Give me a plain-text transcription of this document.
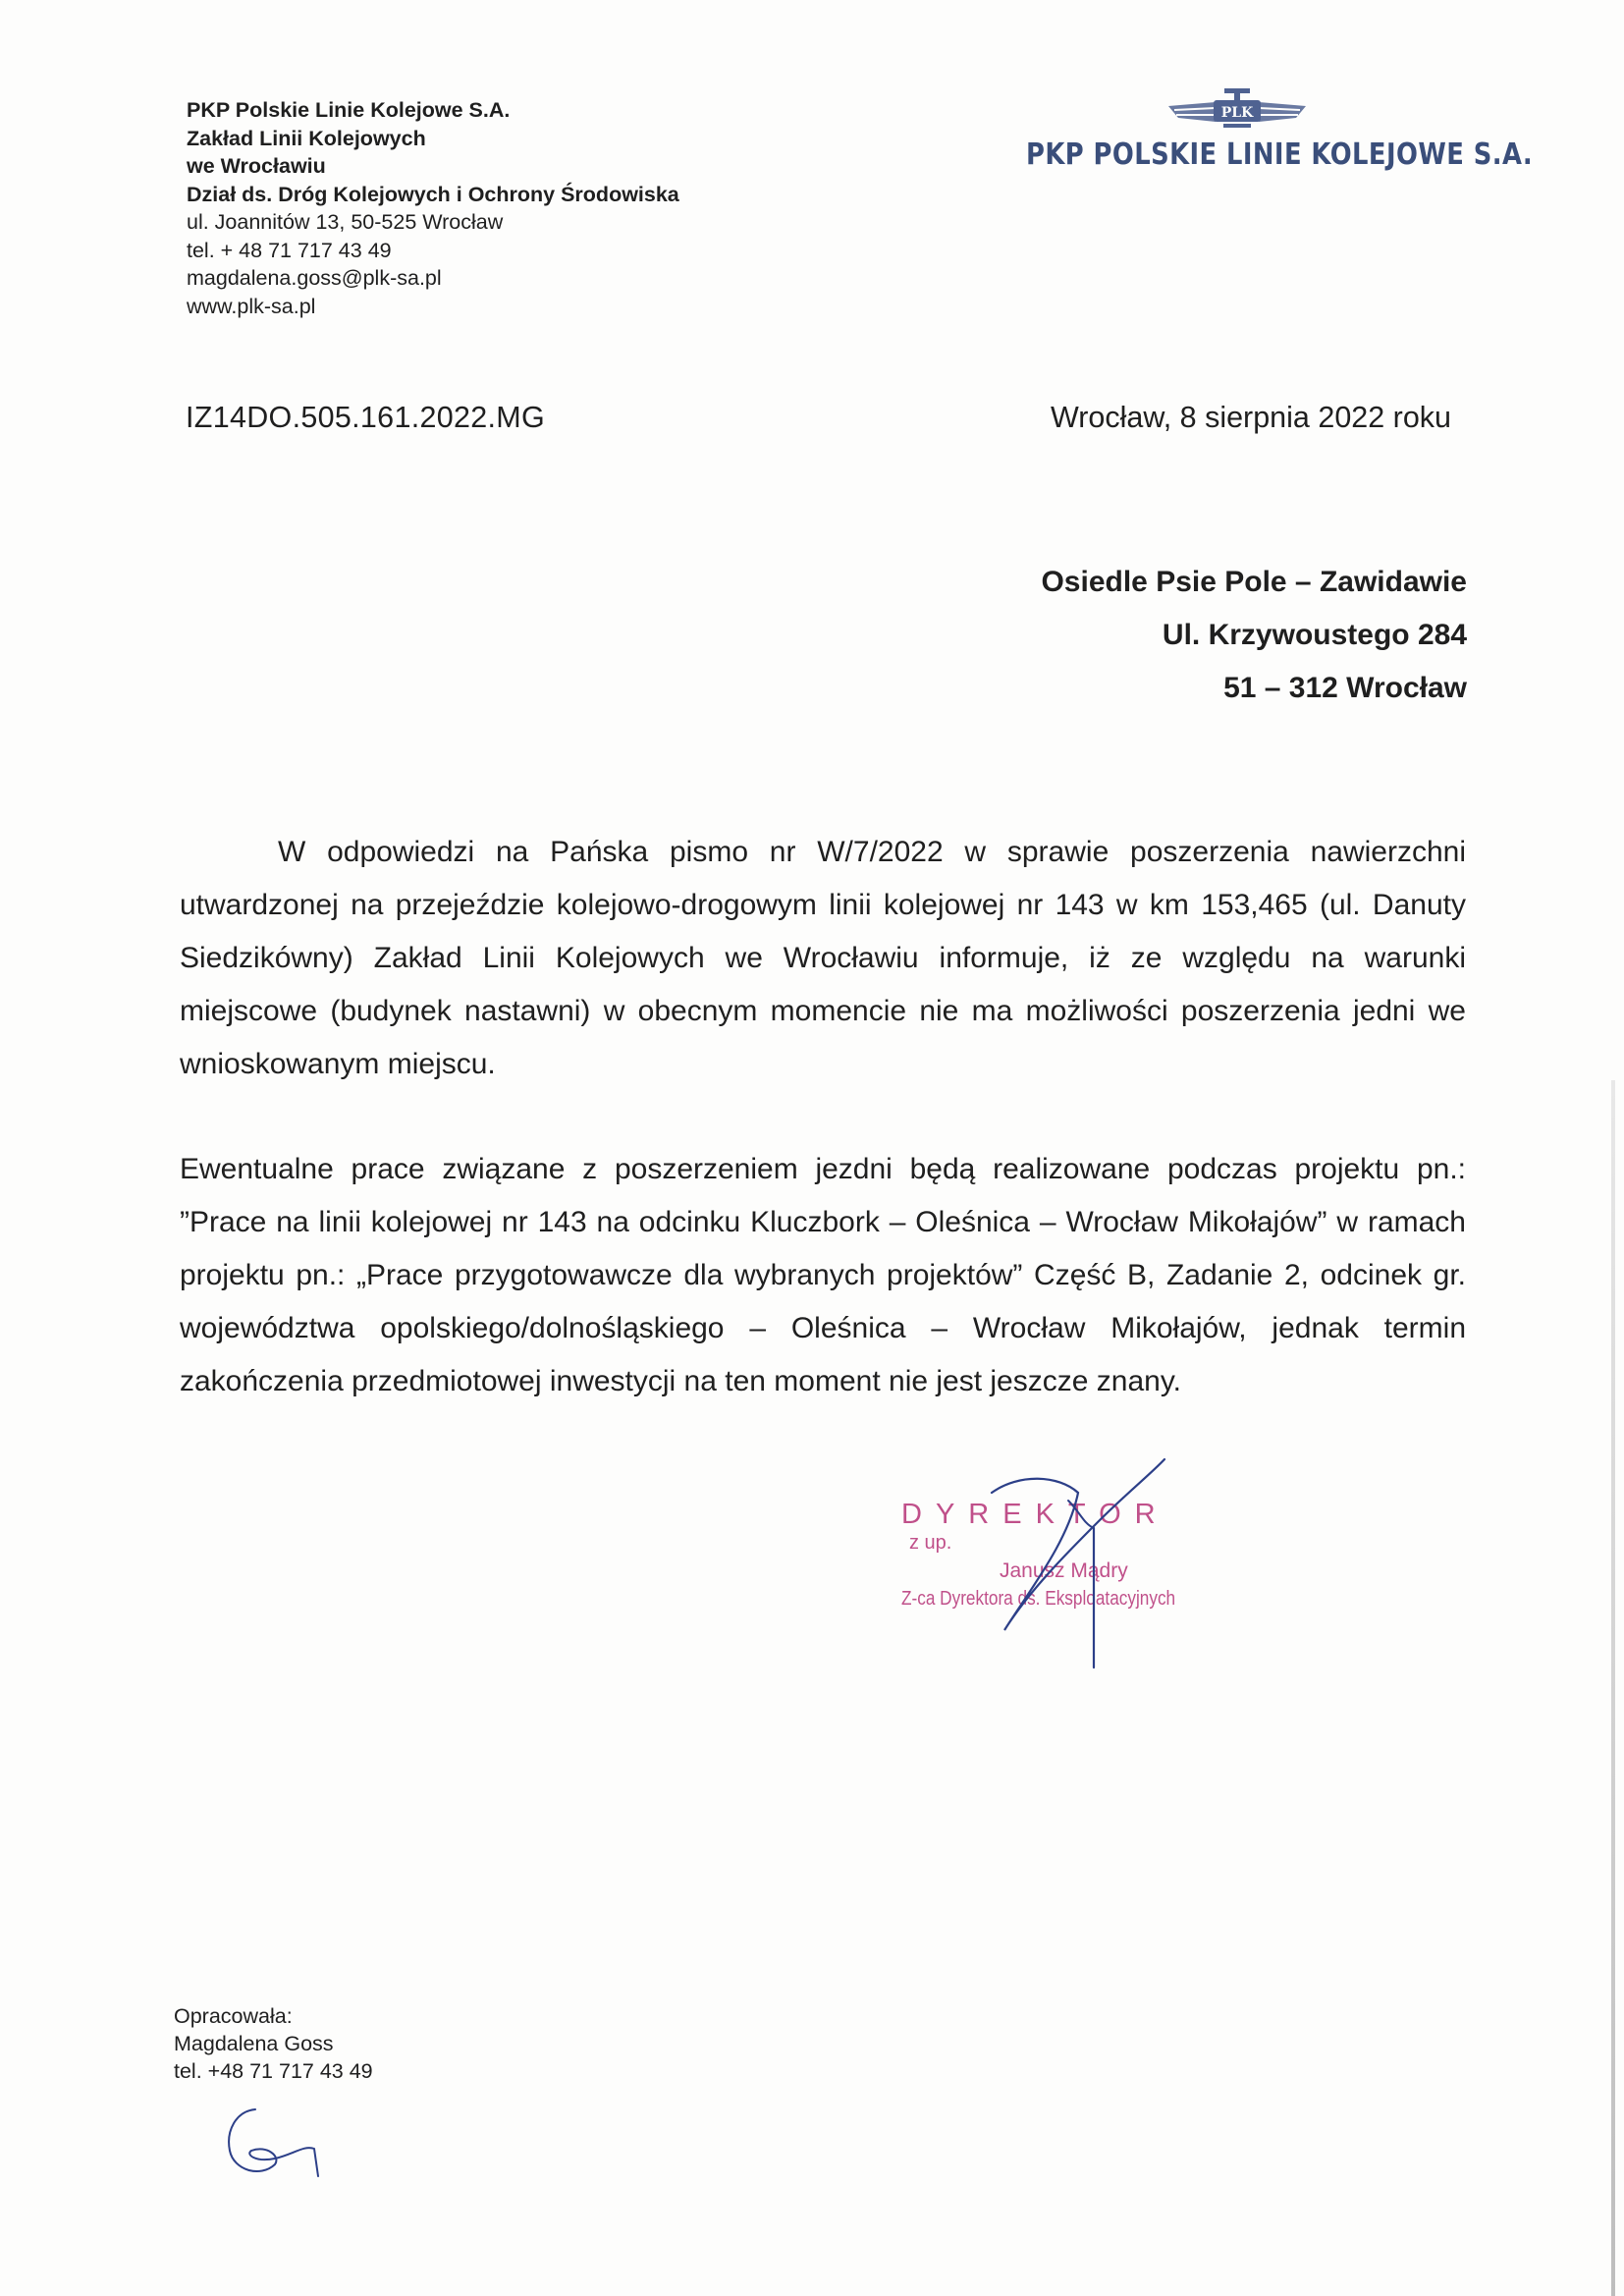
PKP Polskie Linie Kolejowe S.A.
Zakład Linii Kolejowych
we Wrocławiu
Dział ds. Dróg Kolejowych i Ochrony Środowiska
ul. Joannitów 13, 50-525 Wrocław
tel. + 48 71 717 43 49
magdalena.goss@plk-sa.pl
www.plk-sa.pl
PLK
PKP POLSKIE LINIE KOLEJOWE S.A.
IZ14DO.505.161.2022.MG	Wrocław, 8 sierpnia 2022 roku
Osiedle Psie Pole – Zawidawie
Ul. Krzywoustego 284
51 – 312 Wrocław
W odpowiedzi na Pańska pismo nr W/7/2022 w sprawie poszerzenia nawierzchni utwardzonej na przejeździe kolejowo-drogowym linii kolejowej nr 143 w km 153,465 (ul. Danuty Siedzikówny) Zakład Linii Kolejowych we Wrocławiu informuje, iż ze względu na warunki miejscowe (budynek nastawni) w obecnym momencie nie ma możliwości poszerzenia jedni we wnioskowanym miejscu.
Ewentualne prace związane z poszerzeniem jezdni będą realizowane podczas projektu pn.: ”Prace na linii kolejowej nr 143 na odcinku Kluczbork – Oleśnica – Wrocław Mikołajów” w ramach projektu pn.: „Prace przygotowawcze dla wybranych projektów” Część B, Zadanie 2, odcinek gr. województwa opolskiego/dolnośląskiego – Oleśnica – Wrocław Mikołajów, jednak termin zakończenia przedmiotowej inwestycji na ten moment nie jest jeszcze znany.
DYREKTOR
z up.
Janusz Mądry
Z-ca Dyrektora ds. Eksploatacyjnych
Opracowała:
Magdalena Goss
tel. +48 71 717 43 49
